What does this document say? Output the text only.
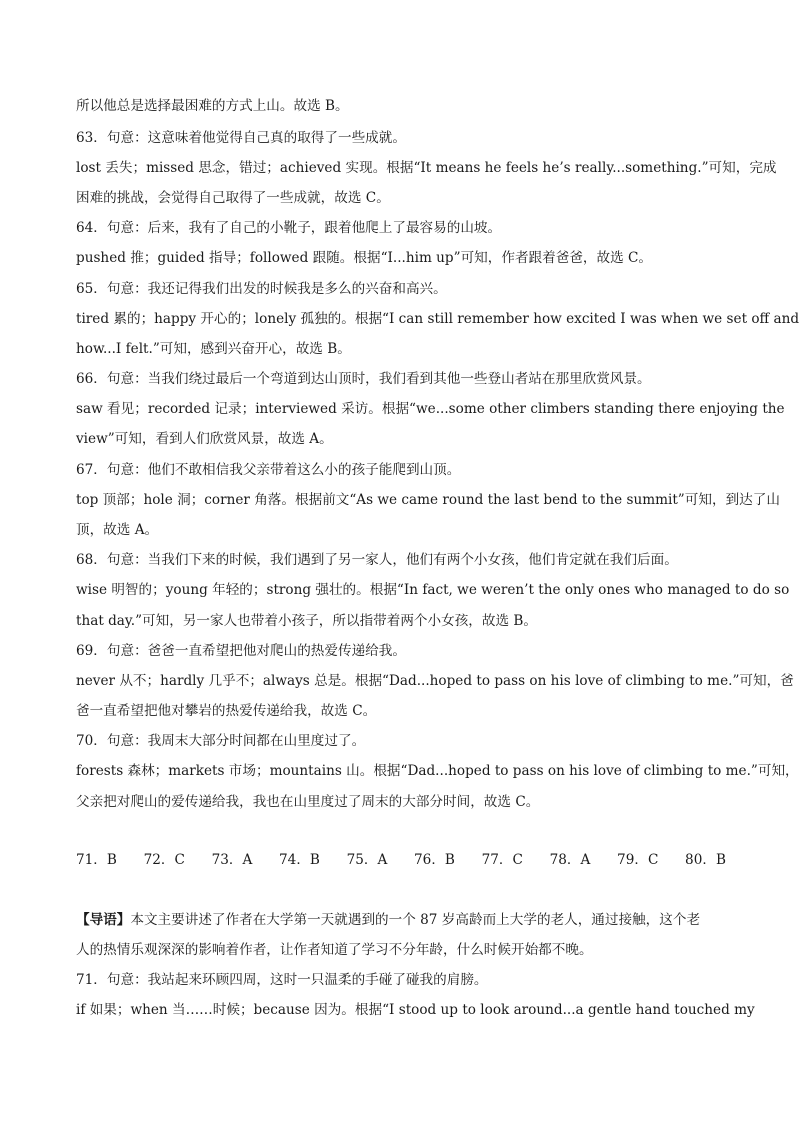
所以他总是选择最困难的方式上山。故选 B。
63．句意：这意味着他觉得自己真的取得了一些成就。
lost 丢失；missed 思念，错过；achieved 实现。根据“It means he feels he’s really...something.”可知，完成
困难的挑战，会觉得自己取得了一些成就，故选 C。
64．句意：后来，我有了自己的小靴子，跟着他爬上了最容易的山坡。
pushed 推；guided 指导；followed 跟随。根据“I...him up”可知，作者跟着爸爸，故选 C。
65．句意：我还记得我们出发的时候我是多么的兴奋和高兴。
tired 累的；happy 开心的；lonely 孤独的。根据“I can still remember how excited I was when we set off and
how...I felt.”可知，感到兴奋开心，故选 B。
66．句意：当我们绕过最后一个弯道到达山顶时，我们看到其他一些登山者站在那里欣赏风景。
saw 看见；recorded 记录；interviewed 采访。根据“we...some other climbers standing there enjoying the
view”可知，看到人们欣赏风景，故选 A。
67．句意：他们不敢相信我父亲带着这么小的孩子能爬到山顶。
top 顶部；hole 洞；corner 角落。根据前文“As we came round the last bend to the summit”可知，到达了山
顶，故选 A。
68．句意：当我们下来的时候，我们遇到了另一家人，他们有两个小女孩，他们肯定就在我们后面。
wise 明智的；young 年轻的；strong 强壮的。根据“In fact, we weren’t the only ones who managed to do so
that day.”可知，另一家人也带着小孩子，所以指带着两个小女孩，故选 B。
69．句意：爸爸一直希望把他对爬山的热爱传递给我。
never 从不；hardly 几乎不；always 总是。根据“Dad...hoped to pass on his love of climbing to me.”可知，爸
爸一直希望把他对攀岩的热爱传递给我，故选 C。
70．句意：我周末大部分时间都在山里度过了。
forests 森林；markets 市场；mountains 山。根据“Dad...hoped to pass on his love of climbing to me.”可知，
父亲把对爬山的爱传递给我，我也在山里度过了周末的大部分时间，故选 C。
71．B 72．C 73．A 74．B 75．A 76．B 77．C 78．A 79．C 80．B
【导语】本文主要讲述了作者在大学第一天就遇到的一个 87 岁高龄而上大学的老人，通过接触，这个老
人的热情乐观深深的影响着作者，让作者知道了学习不分年龄，什么时候开始都不晚。
71．句意：我站起来环顾四周，这时一只温柔的手碰了碰我的肩膀。
if 如果；when 当……时候；because 因为。根据“I stood up to look around...a gentle hand touched my
